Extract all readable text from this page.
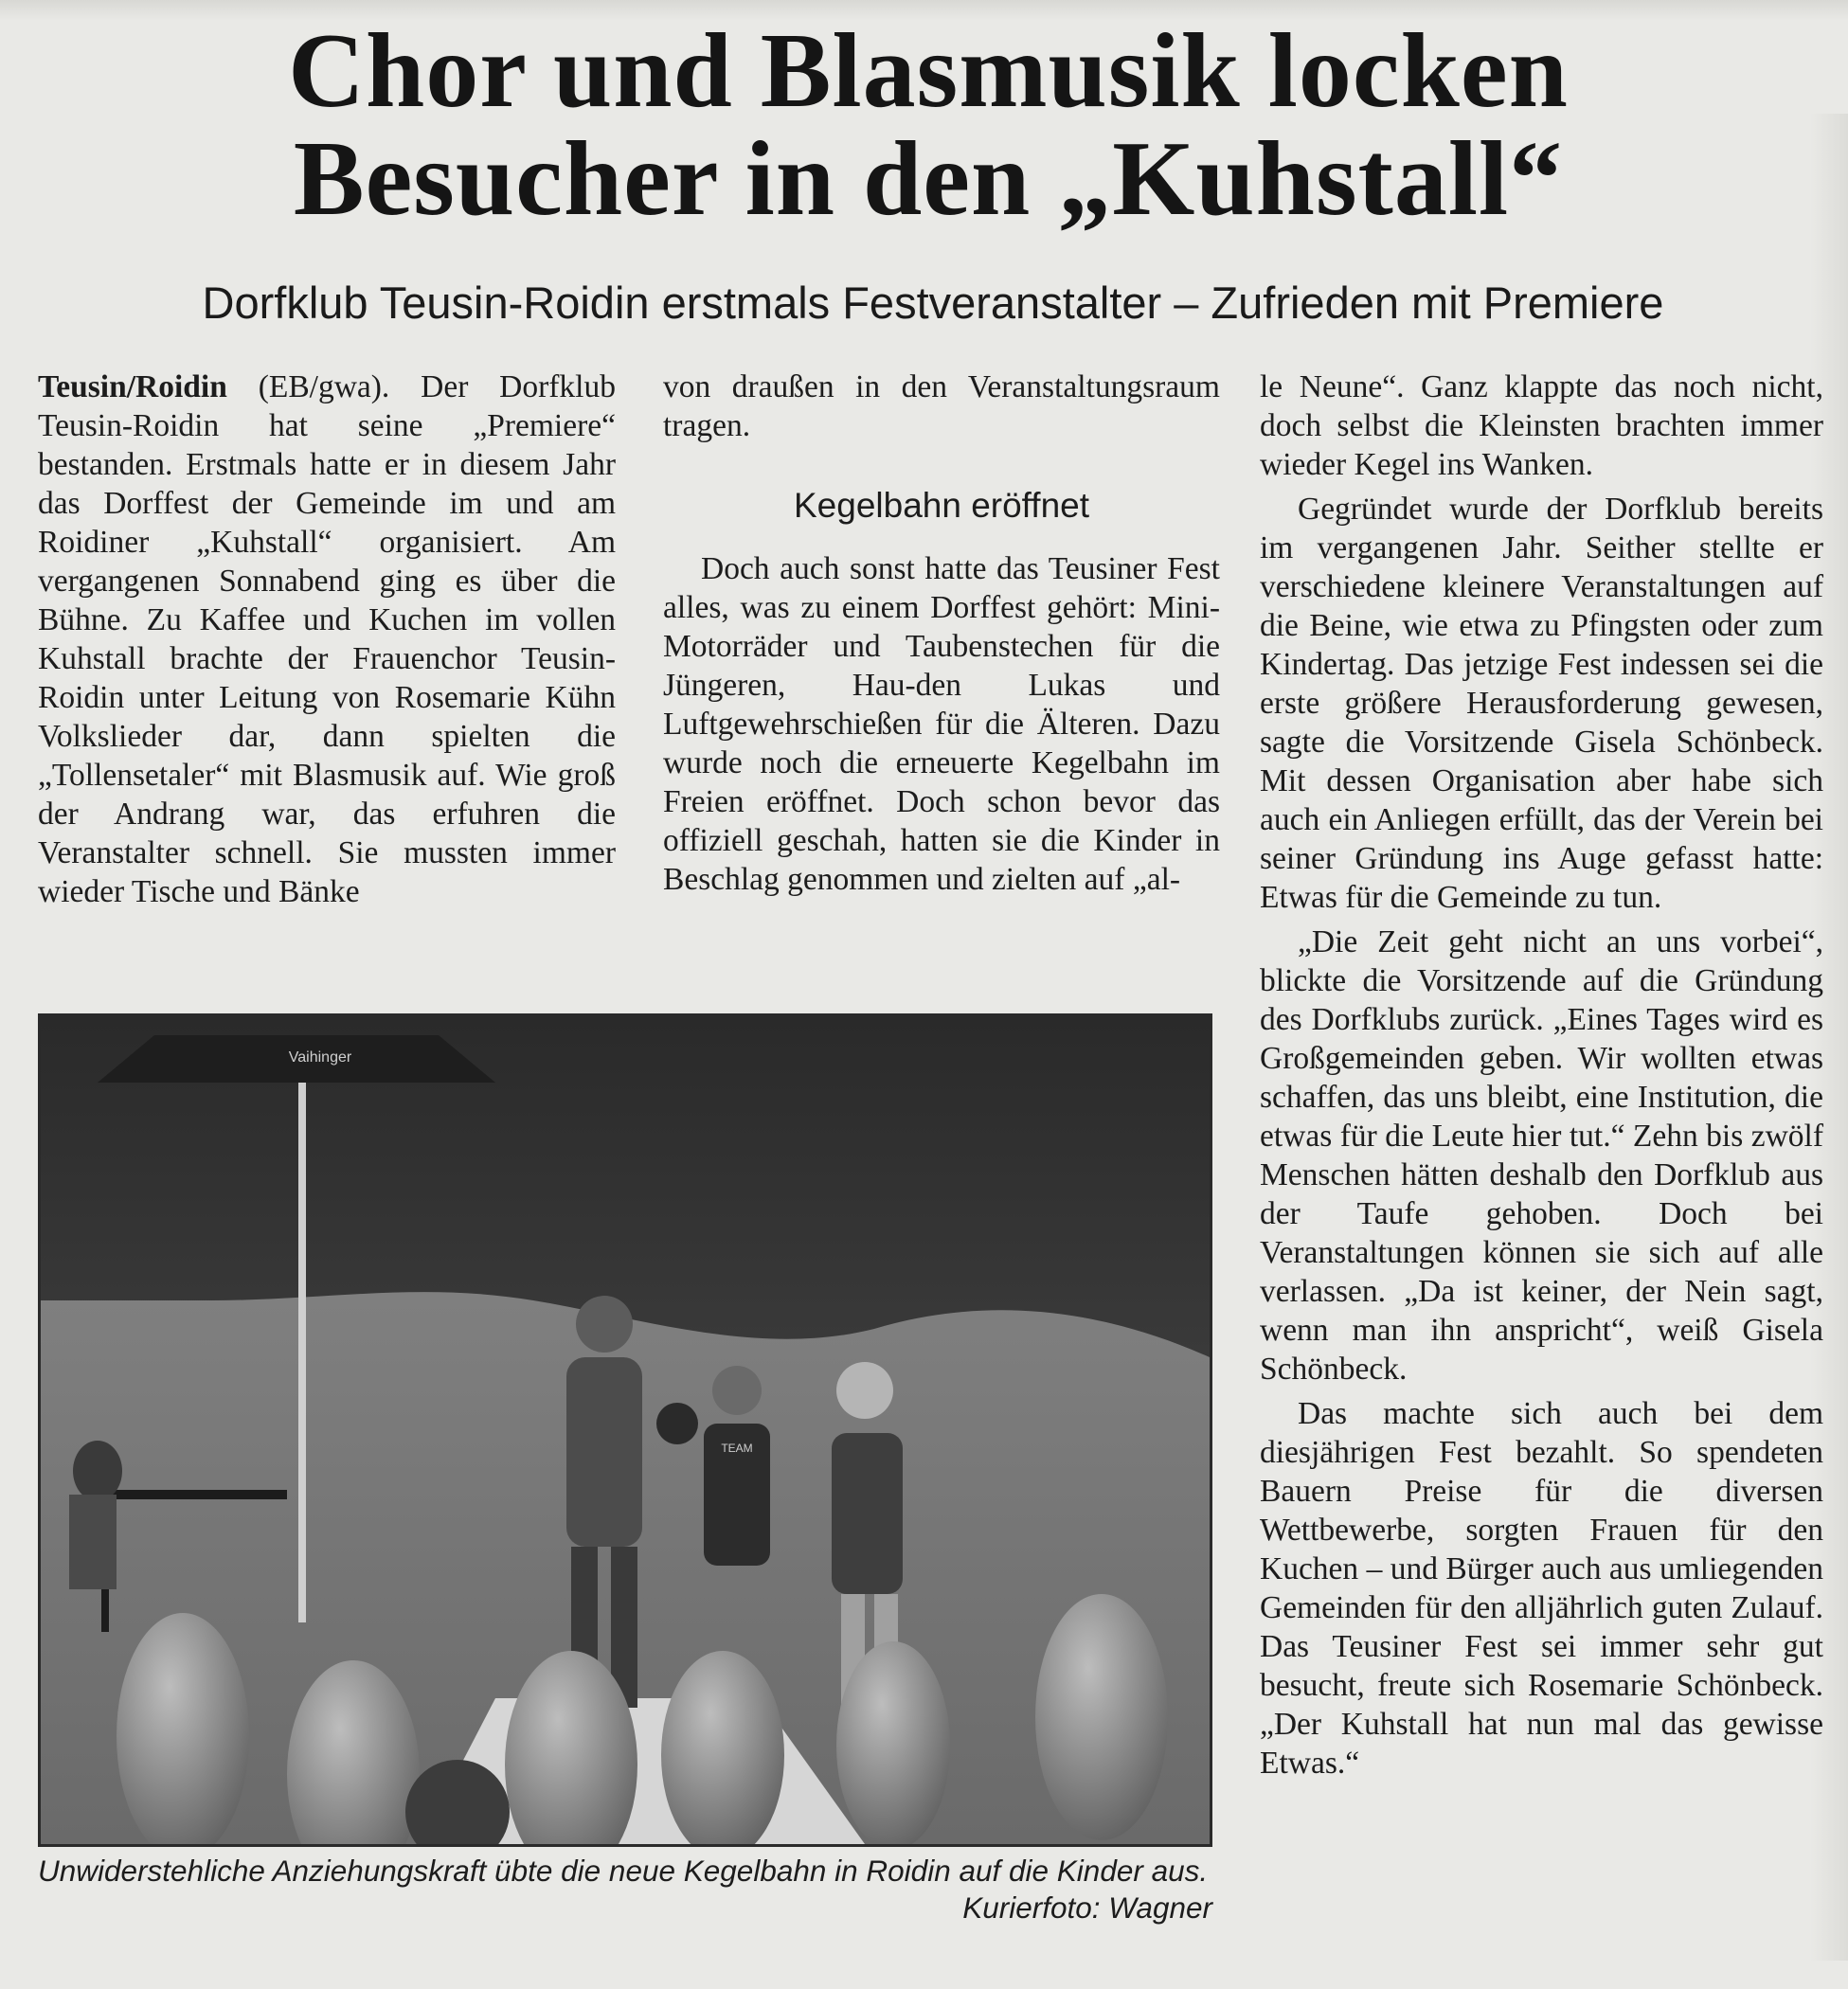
Chor und Blasmusik locken
Besucher in den „Kuhstall“
Dorfklub Teusin-Roidin erstmals Festveranstalter – Zufrieden mit Premiere

Teusin/Roidin (EB/gwa). Der Dorfklub Teusin-Roidin hat seine „Premiere“ bestanden. Erstmals hatte er in diesem Jahr das Dorffest der Gemeinde im und am Roidiner „Kuhstall“ organisiert. Am vergangenen Sonnabend ging es über die Bühne. Zu Kaffee und Kuchen im vollen Kuhstall brachte der Frauenchor Teusin-Roidin unter Leitung von Rosemarie Kühn Volkslieder dar, dann spielten die „Tollensetaler“ mit Blasmusik auf. Wie groß der Andrang war, das erfuhren die Veranstalter schnell. Sie mussten immer wieder Tische und Bänke

von draußen in den Veranstaltungsraum tragen.

Kegelbahn eröffnet

Doch auch sonst hatte das Teusiner Fest alles, was zu einem Dorffest gehört: Mini-Motorräder und Taubenstechen für die Jüngeren, Hau-den Lukas und Luftgewehrschießen für die Älteren. Dazu wurde noch die erneuerte Kegelbahn im Freien eröffnet. Doch schon bevor das offiziell geschah, hatten sie die Kinder in Beschlag genommen und zielten auf „al-

le Neune“. Ganz klappte das noch nicht, doch selbst die Kleinsten brachten immer wieder Kegel ins Wanken.

Gegründet wurde der Dorfklub bereits im vergangenen Jahr. Seither stellte er verschiedene kleinere Veranstaltungen auf die Beine, wie etwa zu Pfingsten oder zum Kindertag. Das jetzige Fest indessen sei die erste größere Herausforderung gewesen, sagte die Vorsitzende Gisela Schönbeck. Mit dessen Organisation aber habe sich auch ein Anliegen erfüllt, das der Verein bei seiner Gründung ins Auge gefasst hatte: Etwas für die Gemeinde zu tun.

„Die Zeit geht nicht an uns vorbei“, blickte die Vorsitzende auf die Gründung des Dorfklubs zurück. „Eines Tages wird es Großgemeinden geben. Wir wollten etwas schaffen, das uns bleibt, eine Institution, die etwas für die Leute hier tut.“ Zehn bis zwölf Menschen hätten deshalb den Dorfklub aus der Taufe gehoben. Doch bei Veranstaltungen können sie sich auf alle verlassen. „Da ist keiner, der Nein sagt, wenn man ihn anspricht“, weiß Gisela Schönbeck.

Das machte sich auch bei dem diesjährigen Fest bezahlt. So spendeten Bauern Preise für die diversen Wettbewerbe, sorgten Frauen für den Kuchen – und Bürger auch aus umliegenden Gemeinden für den alljährlich guten Zulauf. Das Teusiner Fest sei immer sehr gut besucht, freute sich Rosemarie Schönbeck. „Der Kuhstall hat nun mal das gewisse Etwas.“

Vaihinger
TEAM
Unwiderstehliche Anziehungskraft übte die neue Kegelbahn in Roidin auf die Kinder aus.
Kurierfoto: Wagner
